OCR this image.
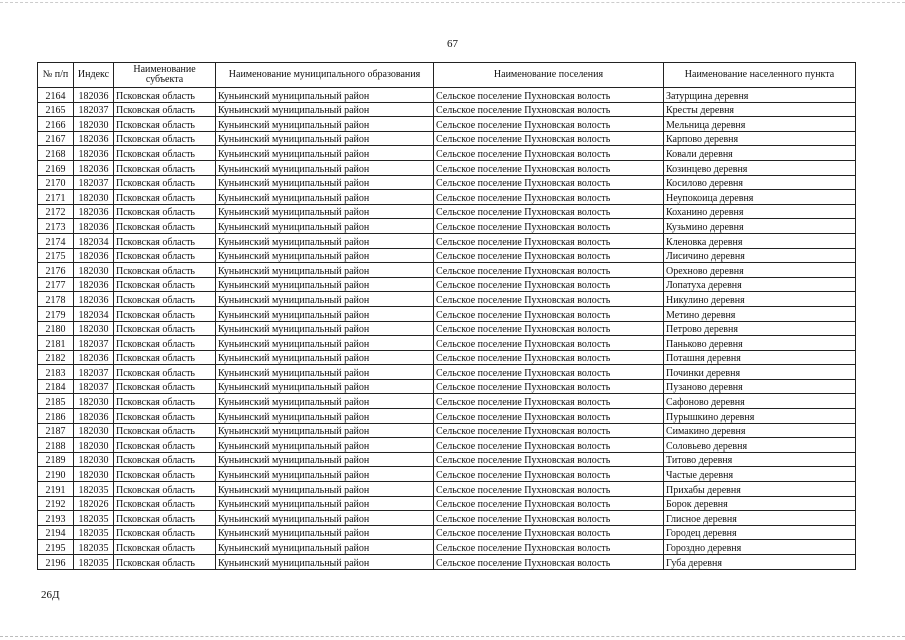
67
№ п/п	Индекс	Наименование субъекта	Наименование муниципального образования	Наименование поселения	Наименование населенного пункта
2164	182036	Псковская область	Куньинский муниципальный район	Сельское поселение Пухновская волость	Затурщина деревня
2165	182037	Псковская область	Куньинский муниципальный район	Сельское поселение Пухновская волость	Кресты деревня
2166	182030	Псковская область	Куньинский муниципальный район	Сельское поселение Пухновская волость	Мельница деревня
2167	182036	Псковская область	Куньинский муниципальный район	Сельское поселение Пухновская волость	Карпово деревня
2168	182036	Псковская область	Куньинский муниципальный район	Сельское поселение Пухновская волость	Ковали деревня
2169	182036	Псковская область	Куньинский муниципальный район	Сельское поселение Пухновская волость	Козинцево деревня
2170	182037	Псковская область	Куньинский муниципальный район	Сельское поселение Пухновская волость	Косилово деревня
2171	182030	Псковская область	Куньинский муниципальный район	Сельское поселение Пухновская волость	Неупокоица деревня
2172	182036	Псковская область	Куньинский муниципальный район	Сельское поселение Пухновская волость	Коханино деревня
2173	182036	Псковская область	Куньинский муниципальный район	Сельское поселение Пухновская волость	Кузьмино деревня
2174	182034	Псковская область	Куньинский муниципальный район	Сельское поселение Пухновская волость	Кленовка деревня
2175	182036	Псковская область	Куньинский муниципальный район	Сельское поселение Пухновская волость	Лисичино деревня
2176	182030	Псковская область	Куньинский муниципальный район	Сельское поселение Пухновская волость	Орехново деревня
2177	182036	Псковская область	Куньинский муниципальный район	Сельское поселение Пухновская волость	Лопатуха деревня
2178	182036	Псковская область	Куньинский муниципальный район	Сельское поселение Пухновская волость	Никулино деревня
2179	182034	Псковская область	Куньинский муниципальный район	Сельское поселение Пухновская волость	Метино деревня
2180	182030	Псковская область	Куньинский муниципальный район	Сельское поселение Пухновская волость	Петрово деревня
2181	182037	Псковская область	Куньинский муниципальный район	Сельское поселение Пухновская волость	Паньково деревня
2182	182036	Псковская область	Куньинский муниципальный район	Сельское поселение Пухновская волость	Поташня деревня
2183	182037	Псковская область	Куньинский муниципальный район	Сельское поселение Пухновская волость	Починки деревня
2184	182037	Псковская область	Куньинский муниципальный район	Сельское поселение Пухновская волость	Пузаново деревня
2185	182030	Псковская область	Куньинский муниципальный район	Сельское поселение Пухновская волость	Сафоново деревня
2186	182036	Псковская область	Куньинский муниципальный район	Сельское поселение Пухновская волость	Пурышкино деревня
2187	182030	Псковская область	Куньинский муниципальный район	Сельское поселение Пухновская волость	Симакино деревня
2188	182030	Псковская область	Куньинский муниципальный район	Сельское поселение Пухновская волость	Соловьево деревня
2189	182030	Псковская область	Куньинский муниципальный район	Сельское поселение Пухновская волость	Титово деревня
2190	182030	Псковская область	Куньинский муниципальный район	Сельское поселение Пухновская волость	Частые деревня
2191	182035	Псковская область	Куньинский муниципальный район	Сельское поселение Пухновская волость	Прихабы деревня
2192	182026	Псковская область	Куньинский муниципальный район	Сельское поселение Пухновская волость	Борок деревня
2193	182035	Псковская область	Куньинский муниципальный район	Сельское поселение Пухновская волость	Глисное деревня
2194	182035	Псковская область	Куньинский муниципальный район	Сельское поселение Пухновская волость	Городец деревня
2195	182035	Псковская область	Куньинский муниципальный район	Сельское поселение Пухновская волость	Гороздно деревня
2196	182035	Псковская область	Куньинский муниципальный район	Сельское поселение Пухновская волость	Губа деревня
26Д
